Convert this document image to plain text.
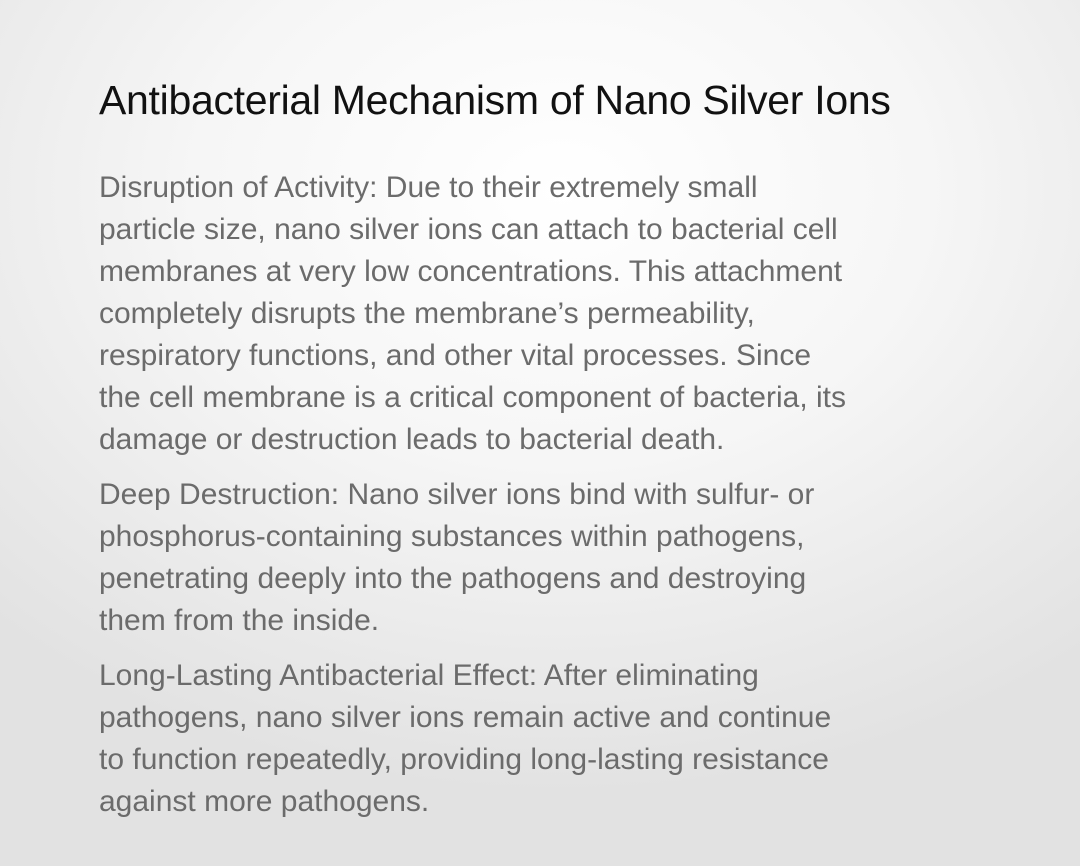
Antibacterial Mechanism of Nano Silver Ions

Disruption of Activity: Due to their extremely small
particle size, nano silver ions can attach to bacterial cell
membranes at very low concentrations. This attachment
completely disrupts the membrane’s permeability,
respiratory functions, and other vital processes. Since
the cell membrane is a critical component of bacteria, its
damage or destruction leads to bacterial death.

Deep Destruction: Nano silver ions bind with sulfur- or
phosphorus-containing substances within pathogens,
penetrating deeply into the pathogens and destroying
them from the inside.

Long-Lasting Antibacterial Effect: After eliminating
pathogens, nano silver ions remain active and continue
to function repeatedly, providing long-lasting resistance
against more pathogens.
